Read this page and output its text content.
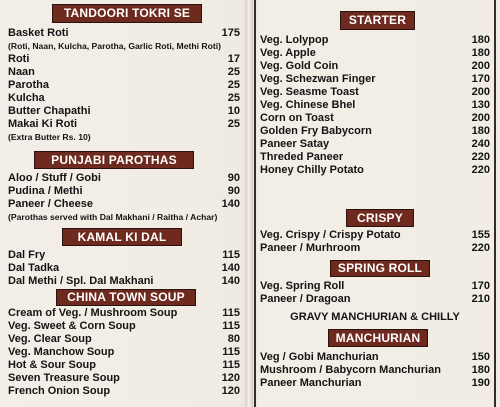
TANDOORI TOKRI SE
Basket Roti	175
(Roti, Naan, Kulcha, Parotha, Garlic Roti, Methi Roti)
Roti	17
Naan	25
Parotha	25
Kulcha	25
Butter Chapathi	10
Makai Ki Roti	25
(Extra Butter Rs. 10)
PUNJABI PAROTHAS
Aloo / Stuff / Gobi	90
Pudina / Methi	90
Paneer / Cheese	140
(Parothas served with Dal Makhani / Raitha / Achar)
KAMAL KI DAL
Dal Fry	115
Dal Tadka	140
Dal Methi / Spl. Dal Makhani	140
CHINA TOWN SOUP
Cream of Veg. / Mushroom Soup	115
Veg. Sweet & Corn Soup	115
Veg. Clear Soup	80
Veg. Manchow Soup	115
Hot & Sour Soup	115
Seven Treasure Soup	120
French Onion Soup	120
STARTER
Veg. Lolypop	180
Veg. Apple	180
Veg. Gold Coin	200
Veg. Schezwan Finger	170
Veg. Seasme Toast	200
Veg. Chinese Bhel	130
Corn on Toast	200
Golden Fry Babycorn	180
Paneer Satay	240
Threded Paneer	220
Honey Chilly Potato	220
CRISPY
Veg. Crispy / Crispy Potato	155
Paneer / Murhroom	220
SPRING ROLL
Veg. Spring Roll	170
Paneer / Dragoan	210
GRAVY MANCHURIAN & CHILLY
MANCHURIAN
Veg / Gobi Manchurian	150
Mushroom / Babycorn Manchurian	180
Paneer Manchurian	190
